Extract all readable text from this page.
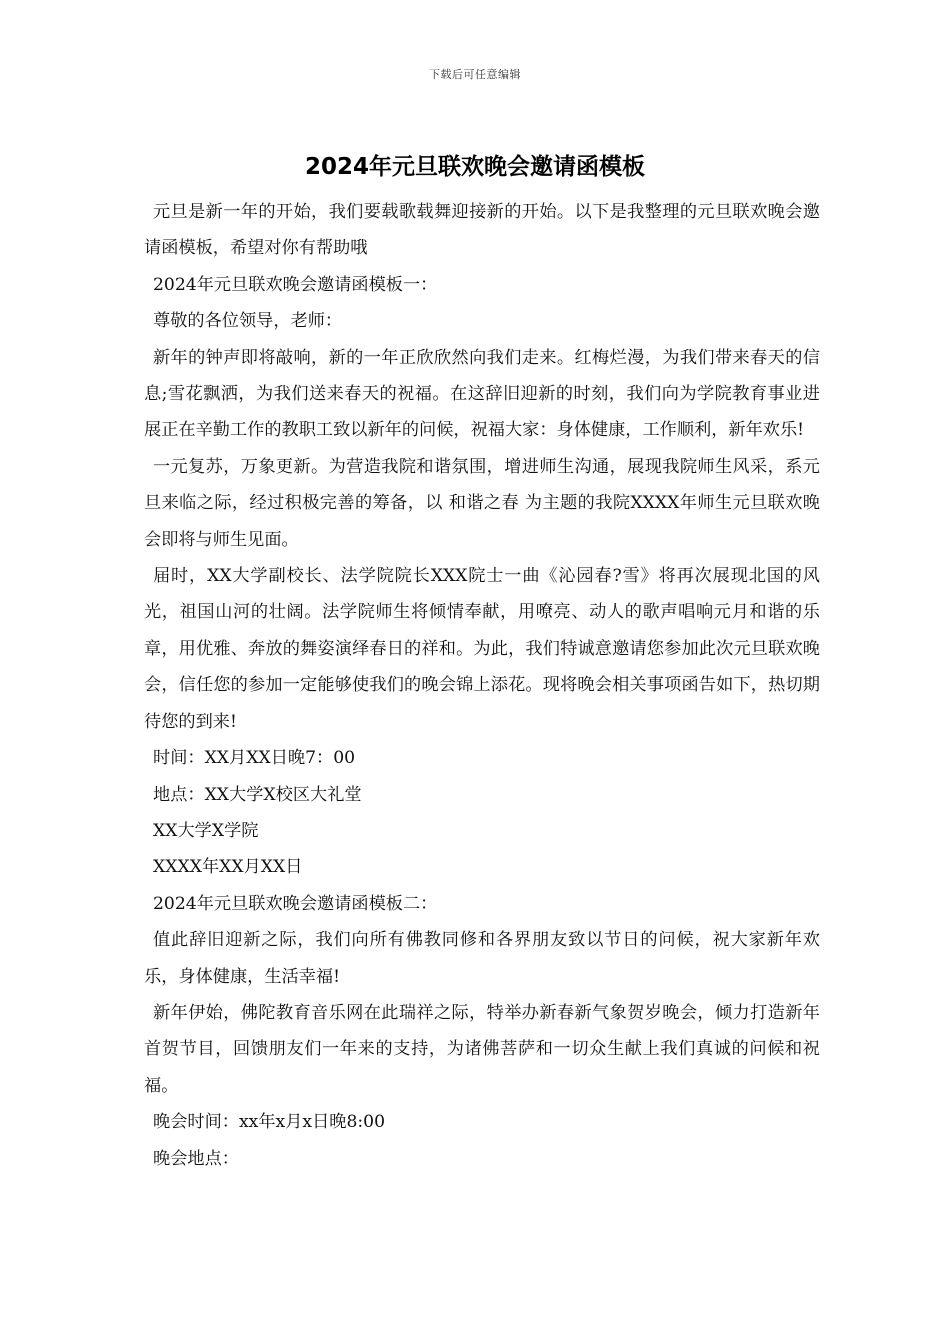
下载后可任意编辑
2024年元旦联欢晚会邀请函模板

元旦是新一年的开始，我们要载歌载舞迎接新的开始。以下是我整理的元旦联欢晚会邀请函模板，希望对你有帮助哦

2024年元旦联欢晚会邀请函模板一：

尊敬的各位领导，老师：

新年的钟声即将敲响，新的一年正欣欣然向我们走来。红梅烂漫，为我们带来春天的信息;雪花飘洒，为我们送来春天的祝福。在这辞旧迎新的时刻，我们向为学院教育事业进展正在辛勤工作的教职工致以新年的问候，祝福大家：身体健康，工作顺利，新年欢乐!

一元复苏，万象更新。为营造我院和谐氛围，增进师生沟通，展现我院师生风采，系元旦来临之际，经过积极完善的筹备，以 和谐之春 为主题的我院XXXX年师生元旦联欢晚会即将与师生见面。

届时，XX大学副校长、法学院院长XXX院士一曲《沁园春?雪》将再次展现北国的风光，祖国山河的壮阔。法学院师生将倾情奉献，用嘹亮、动人的歌声唱响元月和谐的乐章，用优雅、奔放的舞姿演绎春日的祥和。为此，我们特诚意邀请您参加此次元旦联欢晚会，信任您的参加一定能够使我们的晚会锦上添花。现将晚会相关事项函告如下，热切期待您的到来!

时间：XX月XX日晚7：00

地点：XX大学X校区大礼堂

XX大学X学院

XXXX年XX月XX日

2024年元旦联欢晚会邀请函模板二：

值此辞旧迎新之际，我们向所有佛教同修和各界朋友致以节日的问候，祝大家新年欢乐，身体健康，生活幸福!

新年伊始，佛陀教育音乐网在此瑞祥之际，特举办新春新气象贺岁晚会，倾力打造新年首贺节目，回馈朋友们一年来的支持，为诸佛菩萨和一切众生献上我们真诚的问候和祝福。

晚会时间：xx年x月x日晚8:00

晚会地点：
